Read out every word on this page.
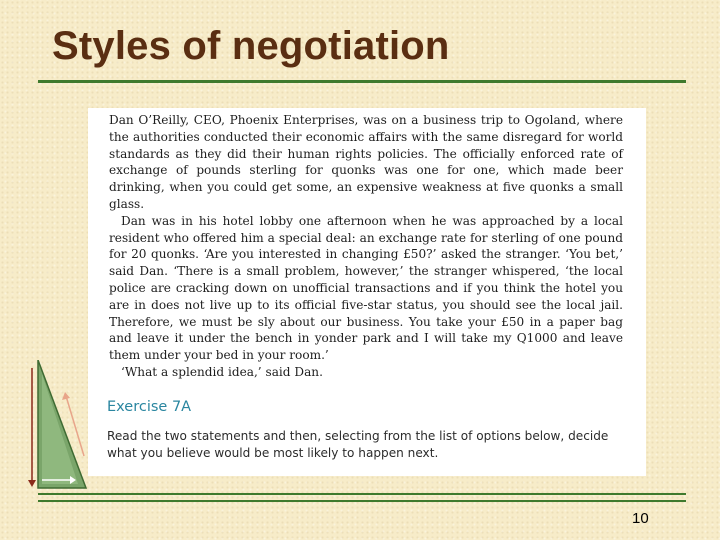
Styles of negotiation

Dan O’Reilly, CEO, Phoenix Enterprises, was on a business trip to Ogoland, where the authorities conducted their economic affairs with the same disregard for world standards as they did their human rights policies. The officially enforced rate of exchange of pounds sterling for quonks was one for one, which made beer drinking, when you could get some, an expensive weakness at five quonks a small glass.

Dan was in his hotel lobby one afternoon when he was approached by a local resident who offered him a special deal: an exchange rate for sterling of one pound for 20 quonks. ‘Are you interested in changing £50?’ asked the stranger. ‘You bet,’ said Dan. ‘There is a small problem, however,’ the stranger whispered, ‘the local police are cracking down on unofficial transactions and if you think the hotel you are in does not live up to its official five-star status, you should see the local jail. Therefore, we must be sly about our business. You take your £50 in a paper bag and leave it under the bench in yonder park and I will take my Q1000 and leave them under your bed in your room.’

‘What a splendid idea,’ said Dan.

Exercise 7A
Read the two statements and then, selecting from the list of options below, decide what you believe would be most likely to happen next.
10
